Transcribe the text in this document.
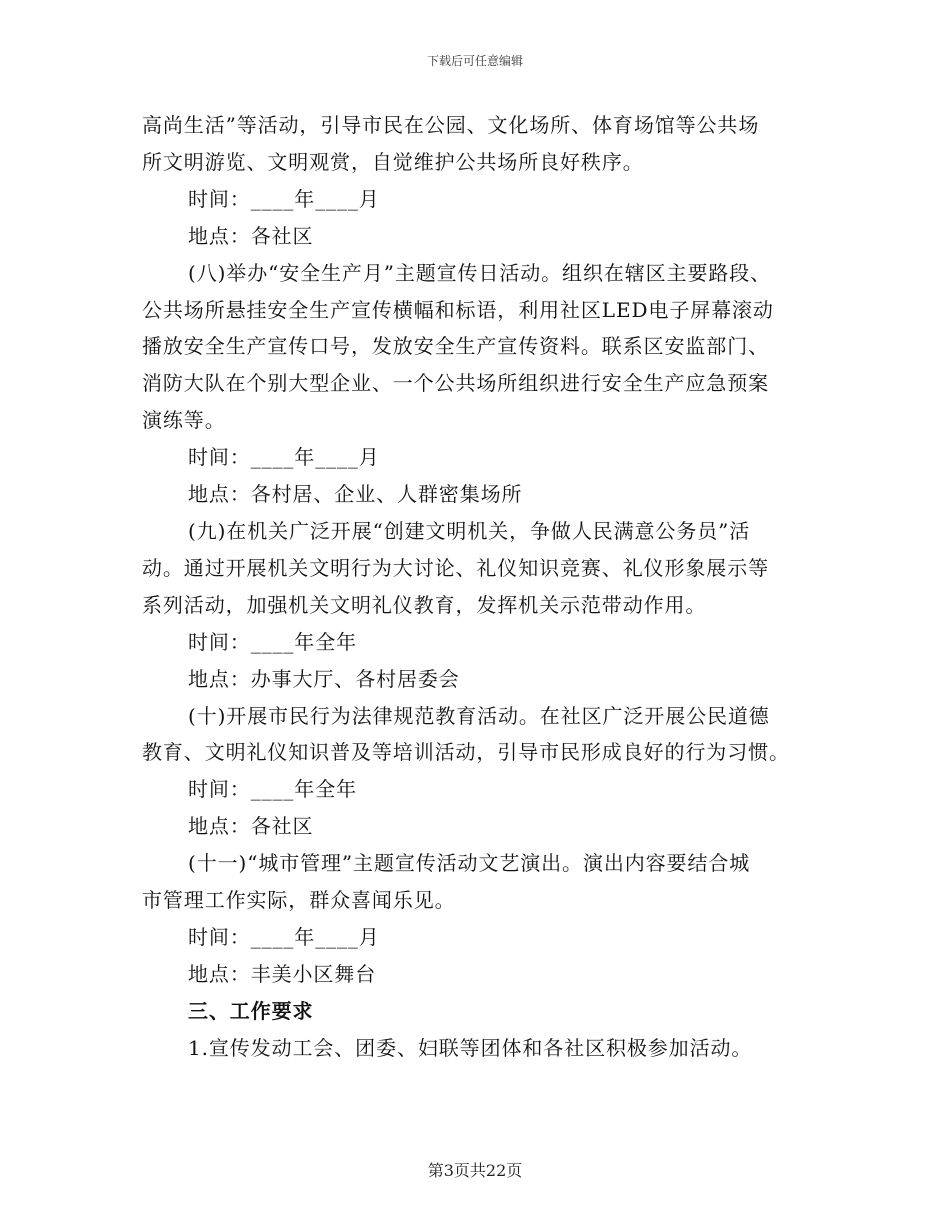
下载后可任意编辑

高尚生活”等活动，引导市民在公园、文化场所、体育场馆等公共场

所文明游览、文明观赏，自觉维护公共场所良好秩序。

时间：____年____月

地点：各社区

(八)举办“安全生产月”主题宣传日活动。组织在辖区主要路段、

公共场所悬挂安全生产宣传横幅和标语，利用社区LED电子屏幕滚动

播放安全生产宣传口号，发放安全生产宣传资料。联系区安监部门、

消防大队在个别大型企业、一个公共场所组织进行安全生产应急预案

演练等。

时间：____年____月

地点：各村居、企业、人群密集场所

(九)在机关广泛开展“创建文明机关，争做人民满意公务员”活

动。通过开展机关文明行为大讨论、礼仪知识竞赛、礼仪形象展示等

系列活动，加强机关文明礼仪教育，发挥机关示范带动作用。

时间：____年全年

地点：办事大厅、各村居委会

(十)开展市民行为法律规范教育活动。在社区广泛开展公民道德

教育、文明礼仪知识普及等培训活动，引导市民形成良好的行为习惯。

时间：____年全年

地点：各社区

(十一)“城市管理”主题宣传活动文艺演出。演出内容要结合城

市管理工作实际，群众喜闻乐见。

时间：____年____月

地点：丰美小区舞台

三、工作要求

1.宣传发动工会、团委、妇联等团体和各社区积极参加活动。

第3页共22页
